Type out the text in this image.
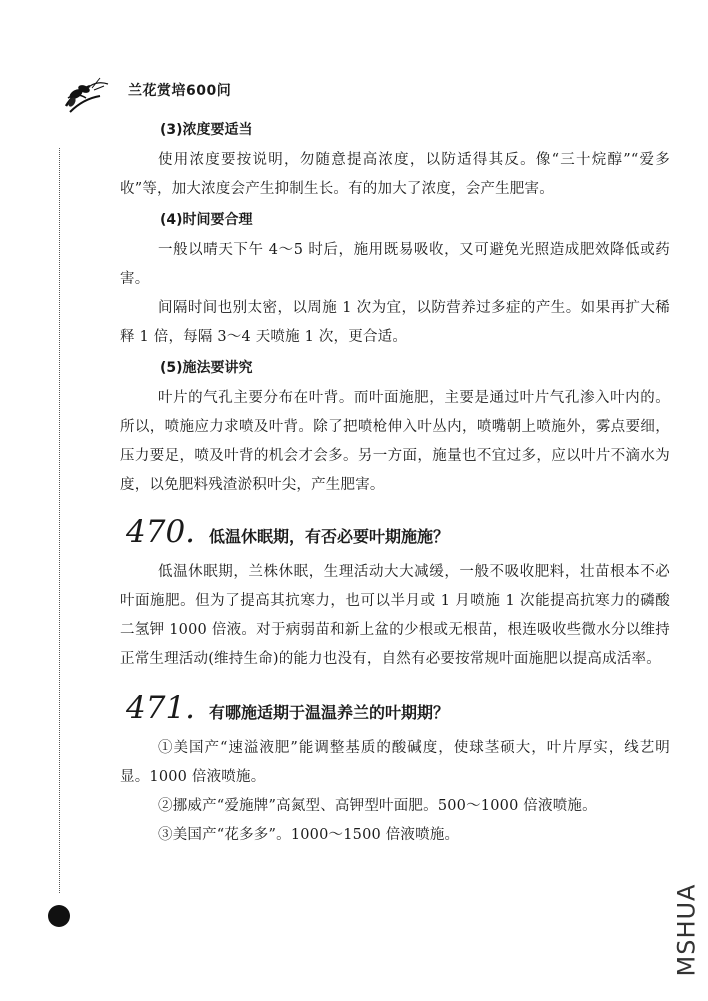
兰花赏培600问

(3)浓度要适当

使用浓度要按说明，勿随意提高浓度，以防适得其反。像“三十烷醇”“爱多收”等，加大浓度会产生抑制生长。有的加大了浓度，会产生肥害。

(4)时间要合理

一般以晴天下午 4～5 时后，施用既易吸收，又可避免光照造成肥效降低或药害。

间隔时间也别太密，以周施 1 次为宜，以防营养过多症的产生。如果再扩大稀释 1 倍，每隔 3～4 天喷施 1 次，更合适。

(5)施法要讲究

叶片的气孔主要分布在叶背。而叶面施肥，主要是通过叶片气孔渗入叶内的。所以，喷施应力求喷及叶背。除了把喷枪伸入叶丛内，喷嘴朝上喷施外，雾点要细，压力要足，喷及叶背的机会才会多。另一方面，施量也不宜过多，应以叶片不滴水为度，以免肥料残渣淤积叶尖，产生肥害。

470. 低温休眠期，有否必要叶期施施？

低温休眠期，兰株休眠，生理活动大大减缓，一般不吸收肥料，壮苗根本不必叶面施肥。但为了提高其抗寒力，也可以半月或 1 月喷施 1 次能提高抗寒力的磷酸二氢钾 1000 倍液。对于病弱苗和新上盆的少根或无根苗，根连吸收些微水分以维持正常生理活动(维持生命)的能力也没有，自然有必要按常规叶面施肥以提高成活率。

471. 有哪施适期于温温养兰的叶期期？

①美国产“速溢液肥”能调整基质的酸碱度，使球茎硕大，叶片厚实，线艺明显。1000 倍液喷施。

②挪威产“爱施牌”高氮型、高钾型叶面肥。500～1000 倍液喷施。

③美国产“花多多”。1000～1500 倍液喷施。

MSHUA
